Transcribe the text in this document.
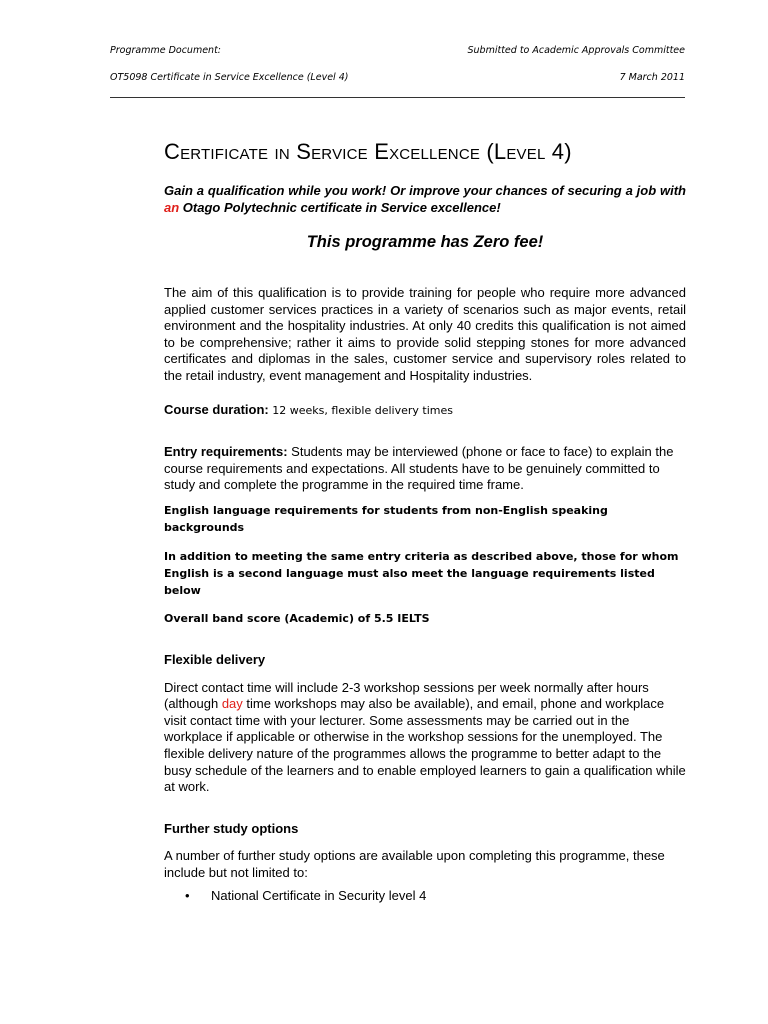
Programme Document:	Submitted to Academic Approvals Committee
OT5098 Certificate in Service Excellence (Level 4)	7 March 2011
Certificate in Service Excellence (Level 4)

Gain a qualification while you work! Or improve your chances of securing a job with an Otago Polytechnic certificate in Service excellence!

This programme has Zero fee!

The aim of this qualification is to provide training for people who require more advanced applied customer services practices in a variety of scenarios such as major events, retail environment and the hospitality industries. At only 40 credits this qualification is not aimed to be comprehensive; rather it aims to provide solid stepping stones for more advanced certificates and diplomas in the sales, customer service and supervisory roles related to the retail industry, event management and Hospitality industries.

Course duration: 12 weeks, flexible delivery times

Entry requirements: Students may be interviewed (phone or face to face) to explain the course requirements and expectations. All students have to be genuinely committed to study and complete the programme in the required time frame.

English language requirements for students from non-English speaking backgrounds

In addition to meeting the same entry criteria as described above, those for whom English is a second language must also meet the language requirements listed below

Overall band score (Academic) of 5.5 IELTS

Flexible delivery

Direct contact time will include 2-3 workshop sessions per week normally after hours (although day time workshops may also be available), and email, phone and workplace visit contact time with your lecturer. Some assessments may be carried out in the workplace if applicable or otherwise in the workshop sessions for the unemployed. The flexible delivery nature of the programmes allows the programme to better adapt to the busy schedule of the learners and to enable employed learners to gain a qualification while at work.

Further study options

A number of further study options are available upon completing this programme, these include but not limited to:

• National Certificate in Security level 4
